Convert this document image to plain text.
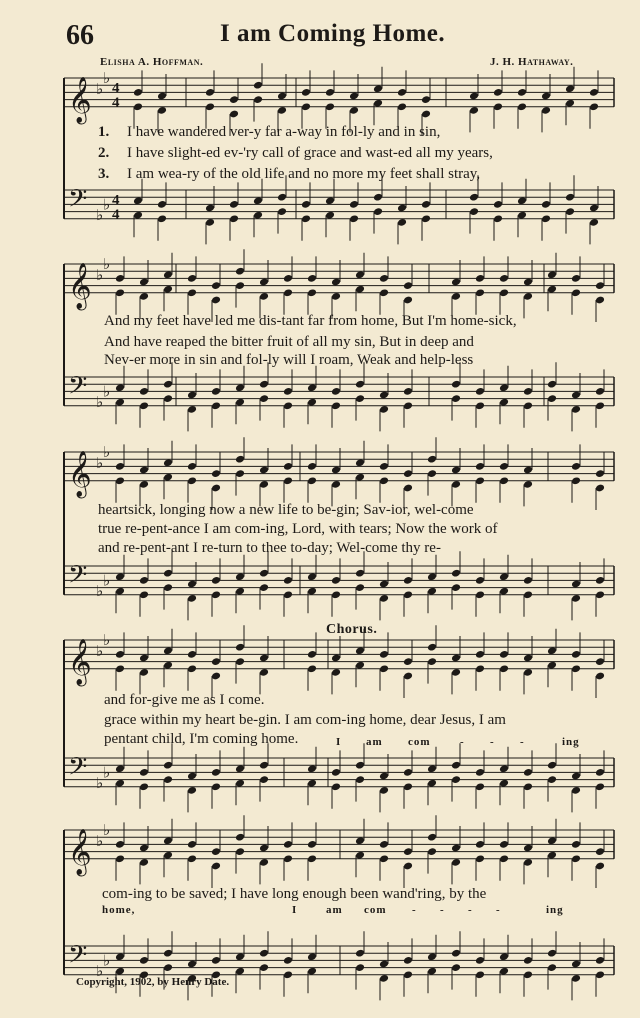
66	I am Coming Home.
Elisha A. Hoffman.	J. H. Hathaway.
𝄞 ♭
♭
4
4
𝄢 ♭
♭ 4
4
𝄞 ♭
♭
𝄢 ♭
♭
𝄞 ♭
♭
𝄢 ♭
♭
𝄞 ♭
♭
𝄢 ♭
♭
𝄞 ♭
♭
𝄢 ♭
♭
1. I have wandered ver-y far a-way in fol-ly and in sin,
2. I have slight-ed ev-'ry call of grace and wast-ed all my years,
3. I am wea-ry of the old life and no more my feet shall stray,
And my feet have led me dis-tant far from home, But I'm home-sick,
And have reaped the bitter fruit of all my sin, But in deep and
Nev-er more in sin and fol-ly will I roam, Weak and help-less
heartsick, longing now a new life to be-gin; Sav-ior, wel-come
true re-pent-ance I am com-ing, Lord, with tears; Now the work of
and re-pent-ant I re-turn to thee to-day; Wel-come thy re-
Chorus.
and for-give me as I come.
grace within my heart be-gin. I am com-ing home, dear Jesus, I am
pentant child, I'm coming home.	I am com	- - -	ing
com-ing to be saved; I have long enough been wand'ring, by the
home,	I	am com - - - -	ing
Copyright, 1902, by Henry Date.
